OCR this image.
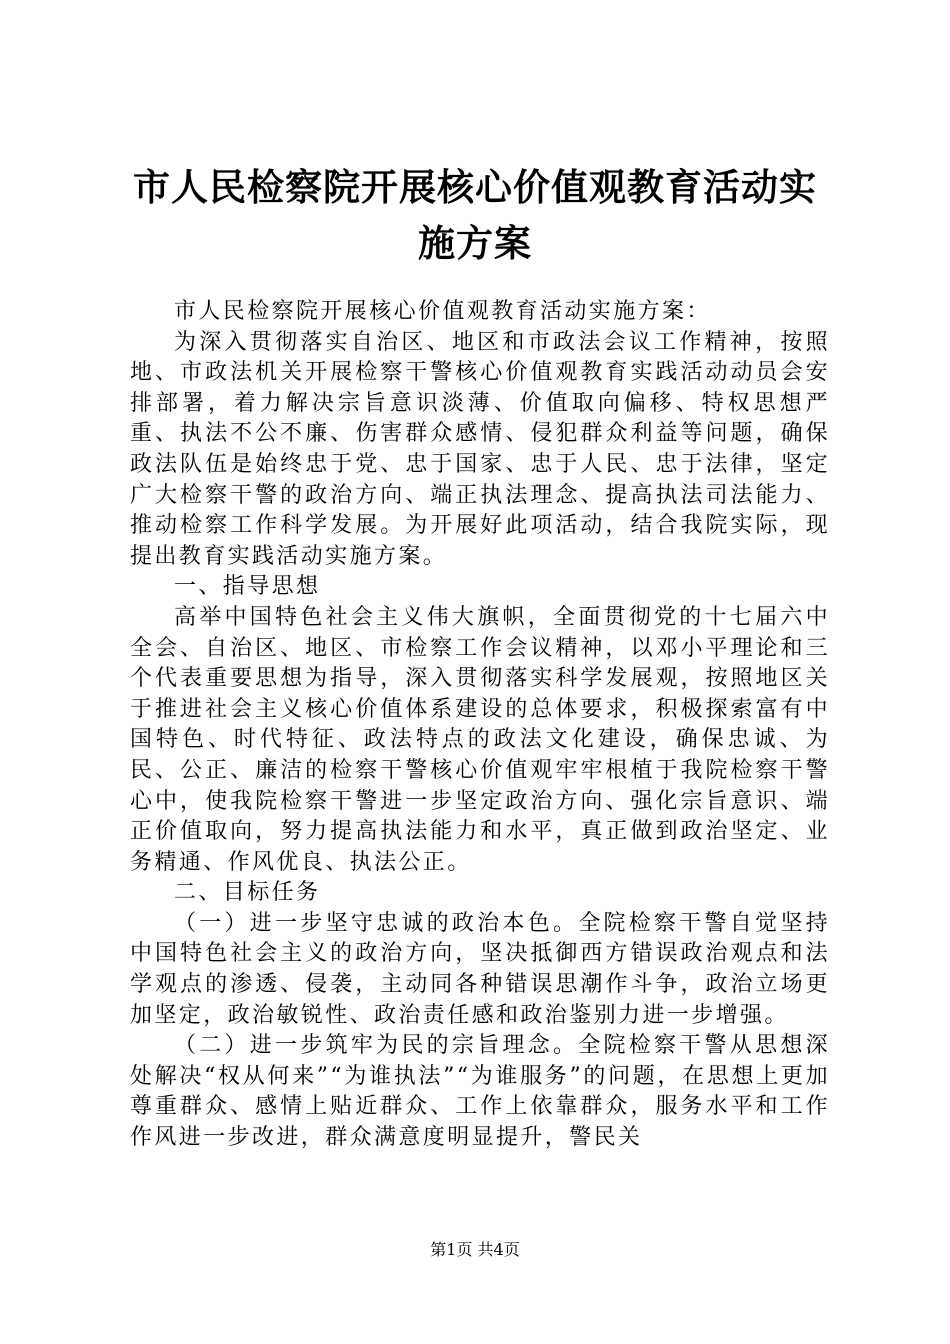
市人民检察院开展核心价值观教育活动实施方案

市人民检察院开展核心价值观教育活动实施方案：

为深入贯彻落实自治区、地区和市政法会议工作精神，按照地、市政法机关开展检察干警核心价值观教育实践活动动员会安排部署，着力解决宗旨意识淡薄、价值取向偏移、特权思想严重、执法不公不廉、伤害群众感情、侵犯群众利益等问题，确保政法队伍是始终忠于党、忠于国家、忠于人民、忠于法律，坚定广大检察干警的政治方向、端正执法理念、提高执法司法能力、推动检察工作科学发展。为开展好此项活动，结合我院实际，现提出教育实践活动实施方案。

一、指导思想

高举中国特色社会主义伟大旗帜，全面贯彻党的十七届六中全会、自治区、地区、市检察工作会议精神，以邓小平理论和三个代表重要思想为指导，深入贯彻落实科学发展观，按照地区关于推进社会主义核心价值体系建设的总体要求，积极探索富有中国特色、时代特征、政法特点的政法文化建设，确保忠诚、为民、公正、廉洁的检察干警核心价值观牢牢根植于我院检察干警心中，使我院检察干警进一步坚定政治方向、强化宗旨意识、端正价值取向，努力提高执法能力和水平，真正做到政治坚定、业务精通、作风优良、执法公正。

二、目标任务

（一）进一步坚守忠诚的政治本色。全院检察干警自觉坚持中国特色社会主义的政治方向，坚决抵御西方错误政治观点和法学观点的渗透、侵袭，主动同各种错误思潮作斗争，政治立场更加坚定，政治敏锐性、政治责任感和政治鉴别力进一步增强。

（二）进一步筑牢为民的宗旨理念。全院检察干警从思想深处解决“权从何来”“为谁执法”“为谁服务”的问题，在思想上更加尊重群众、感情上贴近群众、工作上依靠群众，服务水平和工作作风进一步改进，群众满意度明显提升，警民关

第1页 共4页
